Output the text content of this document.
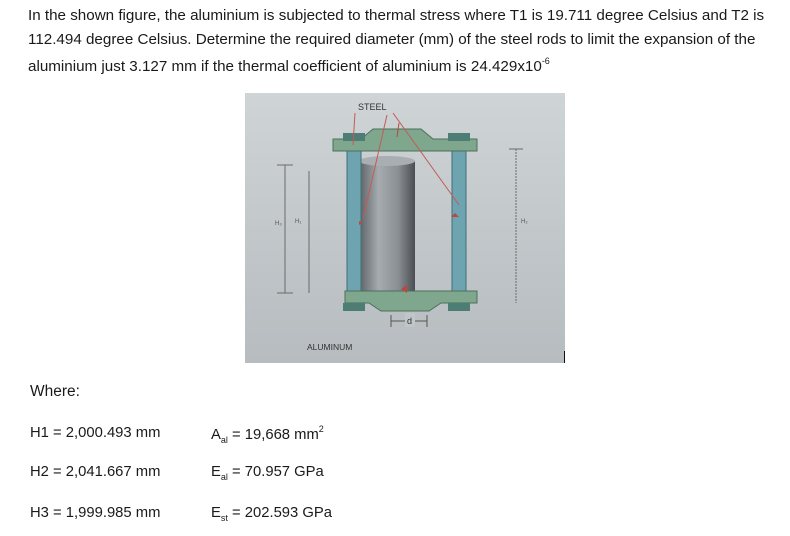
In the shown figure, the aluminium is subjected to thermal stress where T1 is 19.711 degree Celsius and T2 is 112.494 degree Celsius. Determine the required diameter (mm) of the steel rods to limit the expansion of the aluminium just 3.127 mm if the thermal coefficient of aluminium is $24.429x10^{-6}$

STEEL
ALUMINUM
d
H₃ H₁	H₂
Where:
H1 = 2,000.493 mm
H2 = 2,041.667 mm
H3 = 1,999.985 mm
$A_{al} = 19,668$ $mm^2$
$E_{al} = 70.957$ GPa
$E_{st} = 202.593$ GPa
